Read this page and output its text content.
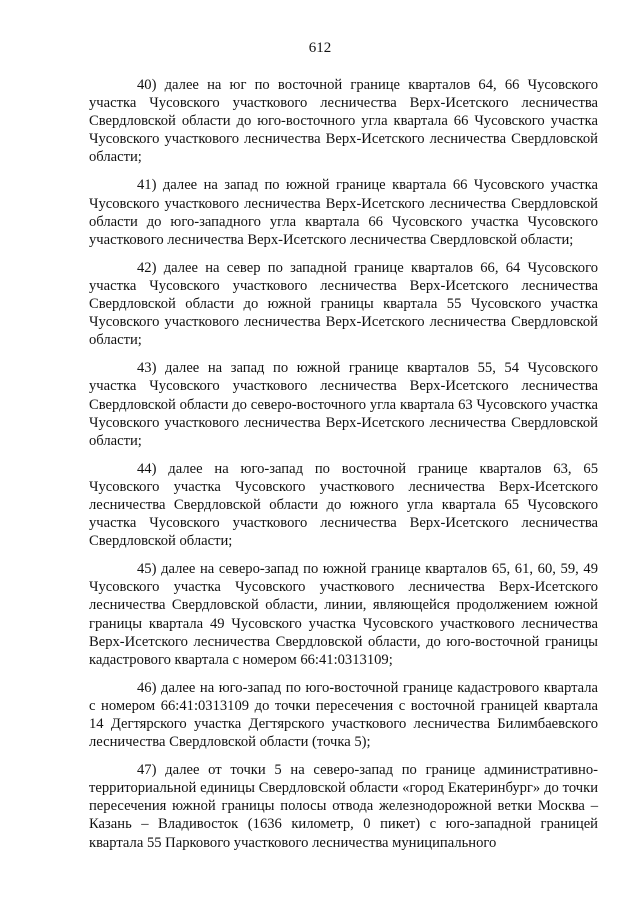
612

40) далее на юг по восточной границе кварталов 64, 66 Чусовского участка Чусовского участкового лесничества Верх-Исетского лесничества Свердловской области до юго-восточного угла квартала 66 Чусовского участка Чусовского участкового лесничества Верх-Исетского лесничества Свердловской области;

41) далее на запад по южной границе квартала 66 Чусовского участка Чусовского участкового лесничества Верх-Исетского лесничества Свердловской области до юго-западного угла квартала 66 Чусовского участка Чусовского участкового лесничества Верх-Исетского лесничества Свердловской области;

42) далее на север по западной границе кварталов 66, 64 Чусовского участка Чусовского участкового лесничества Верх-Исетского лесничества Свердловской области до южной границы квартала 55 Чусовского участка Чусовского участкового лесничества Верх-Исетского лесничества Свердловской области;

43) далее на запад по южной границе кварталов 55, 54 Чусовского участка Чусовского участкового лесничества Верх-Исетского лесничества Свердловской области до северо-восточного угла квартала 63 Чусовского участка Чусовского участкового лесничества Верх-Исетского лесничества Свердловской области;

44) далее на юго-запад по восточной границе кварталов 63, 65 Чусовского участка Чусовского участкового лесничества Верх-Исетского лесничества Свердловской области до южного угла квартала 65 Чусовского участка Чусовского участкового лесничества Верх-Исетского лесничества Свердловской области;

45) далее на северо-запад по южной границе кварталов 65, 61, 60, 59, 49 Чусовского участка Чусовского участкового лесничества Верх-Исетского лесничества Свердловской области, линии, являющейся продолжением южной границы квартала 49 Чусовского участка Чусовского участкового лесничества Верх-Исетского лесничества Свердловской области, до юго-восточной границы кадастрового квартала с номером 66:41:0313109;

46) далее на юго-запад по юго-восточной границе кадастрового квартала с номером 66:41:0313109 до точки пересечения с восточной границей квартала 14 Дегтярского участка Дегтярского участкового лесничества Билимбаевского лесничества Свердловской области (точка 5);

47) далее от точки 5 на северо-запад по границе административно-территориальной единицы Свердловской области «город Екатеринбург» до точки пересечения южной границы полосы отвода железнодорожной ветки Москва – Казань – Владивосток (1636 километр, 0 пикет) с юго-западной границей квартала 55 Паркового участкового лесничества муниципального
